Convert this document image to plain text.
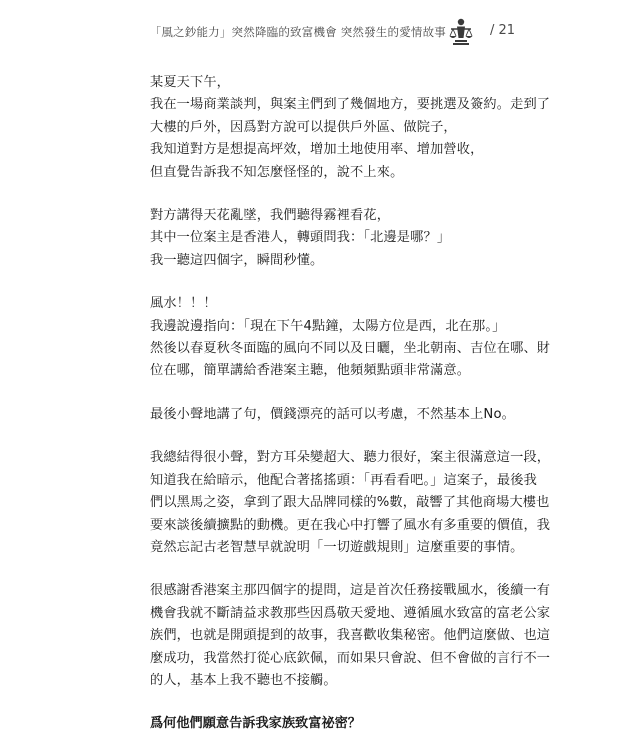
「風之鈔能力」突然降臨的致富機會 突然發生的愛情故事	/ 21
某夏天下午，
我在一場商業談判，與案主們到了幾個地方，要挑選及簽約。走到了
大樓的戶外，因爲對方說可以提供戶外區、做院子，
我知道對方是想提高坪效，增加土地使用率、增加營收，
但直覺告訴我不知怎麼怪怪的，說不上來。
對方講得天花亂墜，我們聽得霧裡看花，
其中一位案主是香港人，轉頭問我：「北邊是哪？」
我一聽這四個字，瞬間秒懂。
風水！！！
我邊說邊指向：「現在下午4點鐘，太陽方位是西，北在那。」
然後以春夏秋冬面臨的風向不同以及日曬，坐北朝南、吉位在哪、財
位在哪，簡單講給香港案主聽，他頻頻點頭非常滿意。
最後小聲地講了句，價錢漂亮的話可以考慮，不然基本上No。
我總結得很小聲，對方耳朵變超大、聽力很好，案主很滿意這一段，
知道我在給暗示，他配合著搖搖頭：「再看看吧。」這案子，最後我
們以黑馬之姿，拿到了跟大品牌同樣的%數，敲響了其他商場大樓也
要來談後續擴點的動機。更在我心中打響了風水有多重要的價值，我
竟然忘記古老智慧早就說明「一切遊戲規則」這麼重要的事情。
很感謝香港案主那四個字的提問，這是首次任務接戰風水，後續一有
機會我就不斷請益求教那些因爲敬天愛地、遵循風水致富的富老公家
族們，也就是開頭提到的故事，我喜歡收集秘密。他們這麼做、也這
麼成功，我當然打從心底欽佩，而如果只會說、但不會做的言行不一
的人，基本上我不聽也不接觸。
爲何他們願意告訴我家族致富祕密？
